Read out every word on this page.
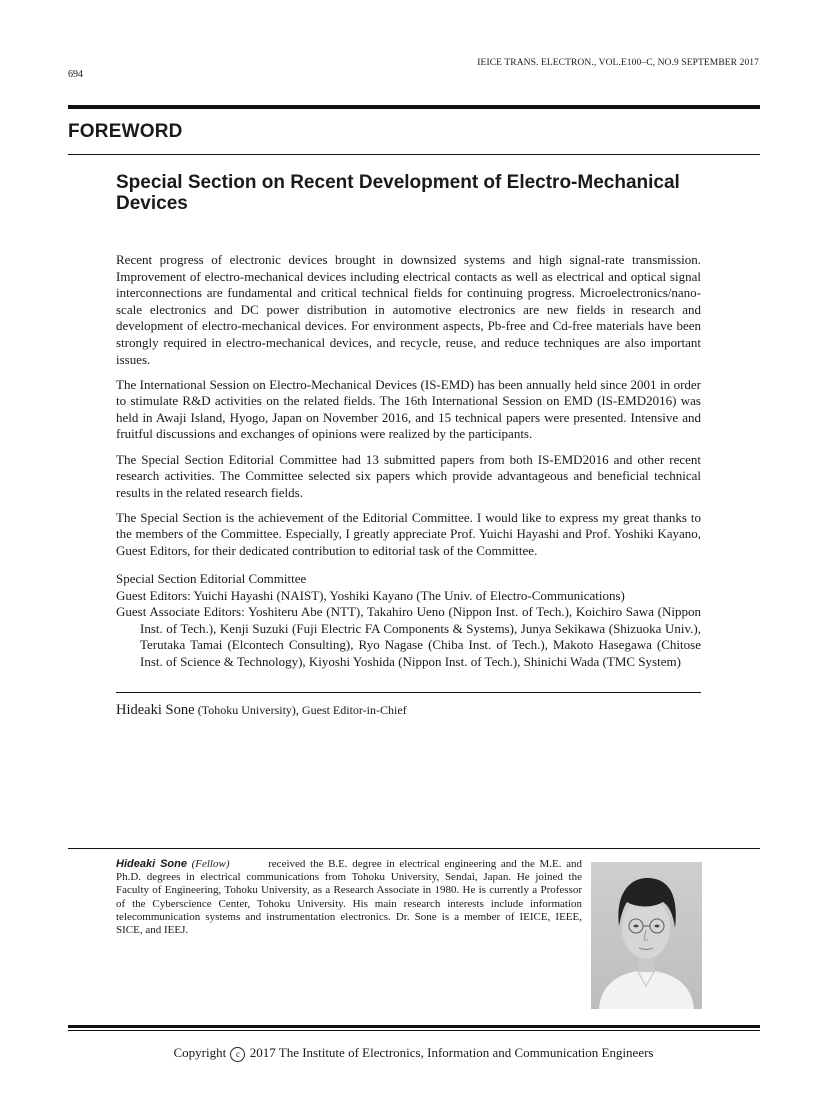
IEICE TRANS. ELECTRON., VOL.E100–C, NO.9 SEPTEMBER 2017
694
FOREWORD
Special Section on Recent Development of Electro-Mechanical Devices

Recent progress of electronic devices brought in downsized systems and high signal-rate transmission. Improvement of electro-mechanical devices including electrical contacts as well as electrical and optical signal interconnections are fundamental and critical technical fields for continuing progress. Microelectronics/nano-scale electronics and DC power distribution in automotive electronics are new fields in research and development of electro-mechanical devices. For environment aspects, Pb-free and Cd-free materials have been strongly required in electro-mechanical devices, and recycle, reuse, and reduce techniques are also important issues.

The International Session on Electro-Mechanical Devices (IS-EMD) has been annually held since 2001 in order to stimulate R&D activities on the related fields. The 16th International Session on EMD (IS-EMD2016) was held in Awaji Island, Hyogo, Japan on November 2016, and 15 technical papers were presented. Intensive and fruitful discussions and exchanges of opinions were realized by the participants.

The Special Section Editorial Committee had 13 submitted papers from both IS-EMD2016 and other recent research activities. The Committee selected six papers which provide advantageous and beneficial technical results in the related research fields.

The Special Section is the achievement of the Editorial Committee. I would like to express my great thanks to the members of the Committee. Especially, I greatly appreciate Prof. Yuichi Hayashi and Prof. Yoshiki Kayano, Guest Editors, for their dedicated contribution to editorial task of the Committee.

Special Section Editorial Committee
Guest Editors: Yuichi Hayashi (NAIST), Yoshiki Kayano (The Univ. of Electro-Communications)
Guest Associate Editors: Yoshiteru Abe (NTT), Takahiro Ueno (Nippon Inst. of Tech.), Koichiro Sawa (Nippon Inst. of Tech.), Kenji Suzuki (Fuji Electric FA Components & Systems), Junya Sekikawa (Shizuoka Univ.), Terutaka Tamai (Elcontech Consulting), Ryo Nagase (Chiba Inst. of Tech.), Makoto Hasegawa (Chitose Inst. of Science & Technology), Kiyoshi Yoshida (Nippon Inst. of Tech.), Shinichi Wada (TMC System)
Hideaki Sone (Tohoku University), Guest Editor-in-Chief
Hideaki Sone (Fellow)	received the B.E. degree in electrical engineering and the M.E. and Ph.D. degrees in electrical communications from Tohoku University, Sendai, Japan. He joined the Faculty of Engineering, Tohoku University, as a Research Associate in 1980. He is currently a Professor of the Cyberscience Center, Tohoku University. His main research interests include information telecommunication systems and instrumentation electronics. Dr. Sone is a member of IEICE, IEEE, SICE, and IEEJ.
Copyright c 2017 The Institute of Electronics, Information and Communication Engineers
